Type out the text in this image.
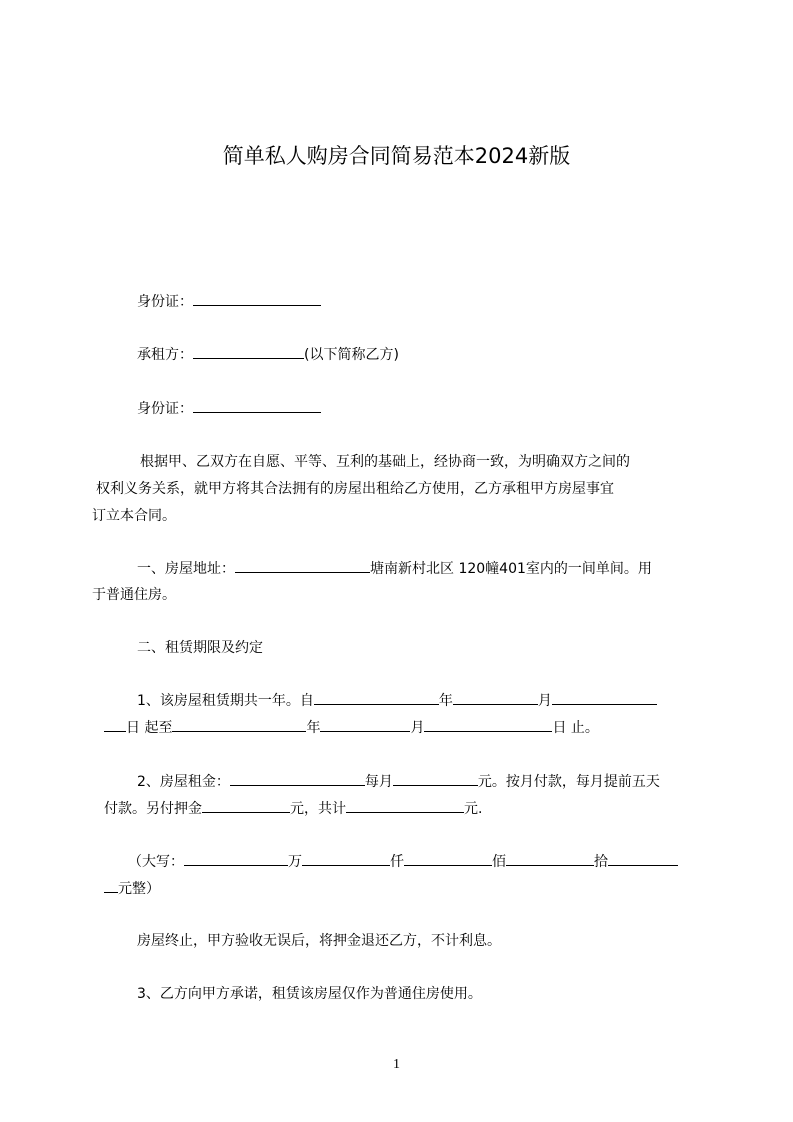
简单私人购房合同简易范本2024新版
身份证：
承租方：	(以下简称乙方)
身份证：
根据甲、乙双方在自愿、平等、互利的基础上，经协商一致，为明确双方之间的
权利义务关系，就甲方将其合法拥有的房屋出租给乙方使用，乙方承租甲方房屋事宜
订立本合同。
一、房屋地址：	塘南新村北区 120幢401室内的一间单间。用
于普通住房。
二、租赁期限及约定
1、该房屋租赁期共一年。自	年	月
日 起至	年	月	日 止。
2、房屋租金：	每月	元。按月付款，每月提前五天
付款。另付押金	元，共计	元.
（大写：	万	仟	佰	拾
元整）
房屋终止，甲方验收无误后，将押金退还乙方，不计利息。
3、乙方向甲方承诺，租赁该房屋仅作为普通住房使用。
1
